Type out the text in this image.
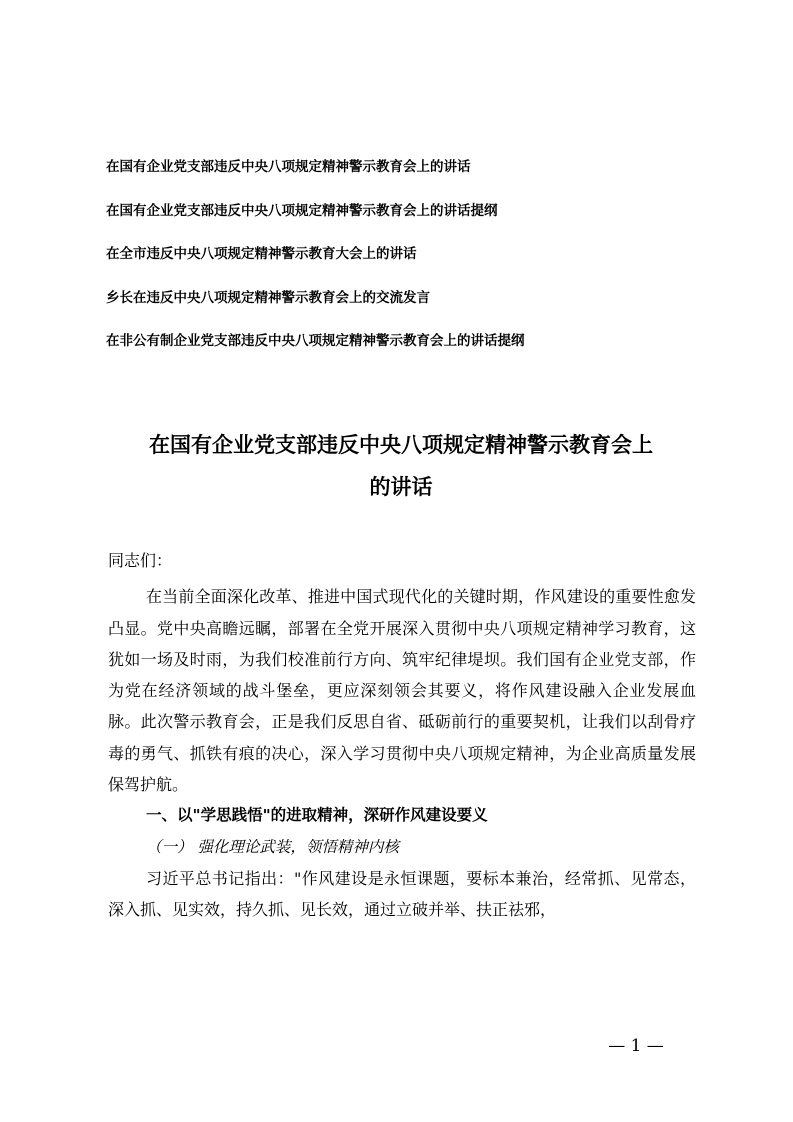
在国有企业党支部违反中央八项规定精神警示教育会上的讲话
在国有企业党支部违反中央八项规定精神警示教育会上的讲话提纲
在全市违反中央八项规定精神警示教育大会上的讲话
乡长在违反中央八项规定精神警示教育会上的交流发言
在非公有制企业党支部违反中央八项规定精神警示教育会上的讲话提纲
在国有企业党支部违反中央八项规定精神警示教育会上
的讲话

同志们：

在当前全面深化改革、推进中国式现代化的关键时期，作风建设的重要性愈发凸显。党中央高瞻远瞩，部署在全党开展深入贯彻中央八项规定精神学习教育，这犹如一场及时雨，为我们校准前行方向、筑牢纪律堤坝。我们国有企业党支部，作为党在经济领域的战斗堡垒，更应深刻领会其要义，将作风建设融入企业发展血脉。此次警示教育会，正是我们反思自省、砥砺前行的重要契机，让我们以刮骨疗毒的勇气、抓铁有痕的决心，深入学习贯彻中央八项规定精神，为企业高质量发展保驾护航。

一、以"学思践悟"的进取精神，深研作风建设要义

（一） 强化理论武装，领悟精神内核

习近平总书记指出："作风建设是永恒课题，要标本兼治，经常抓、见常态，深入抓、见实效，持久抓、见长效，通过立破并举、扶正祛邪，

— 1 —
